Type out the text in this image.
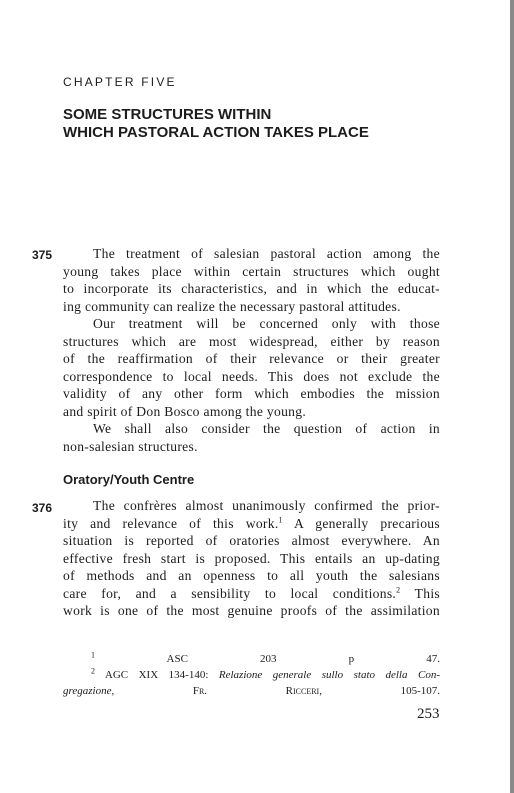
CHAPTER FIVE
SOME STRUCTURES WITHIN
WHICH PASTORAL ACTION TAKES PLACE
375	The treatment of salesian pastoral action among the
young takes place within certain structures which ought
to incorporate its characteristics, and in which the educat-
ing community can realize the necessary pastoral attitudes.
Our treatment will be concerned only with those
structures which are most widespread, either by reason
of the reaffirmation of their relevance or their greater
correspondence to local needs. This does not exclude the
validity of any other form which embodies the mission
and spirit of Don Bosco among the young.
We shall also consider the question of action in
non-salesian structures.
Oratory/Youth Centre
376	The confrères almost unanimously confirmed the prior-
ity and relevance of this work.$^1$ A generally precarious
situation is reported of oratories almost everywhere. An
effective fresh start is proposed. This entails an up-dating
of methods and an openness to all youth the salesians
care for, and a sensibility to local conditions.$^2$ This
work is one of the most genuine proofs of the assimilation
$^1$	ASC 203 p 47.
$^2$ AGC XIX 134-140: Relazione generale sullo stato della Con-
gregazione,	Fr. Ricceri,	105-107.
253
